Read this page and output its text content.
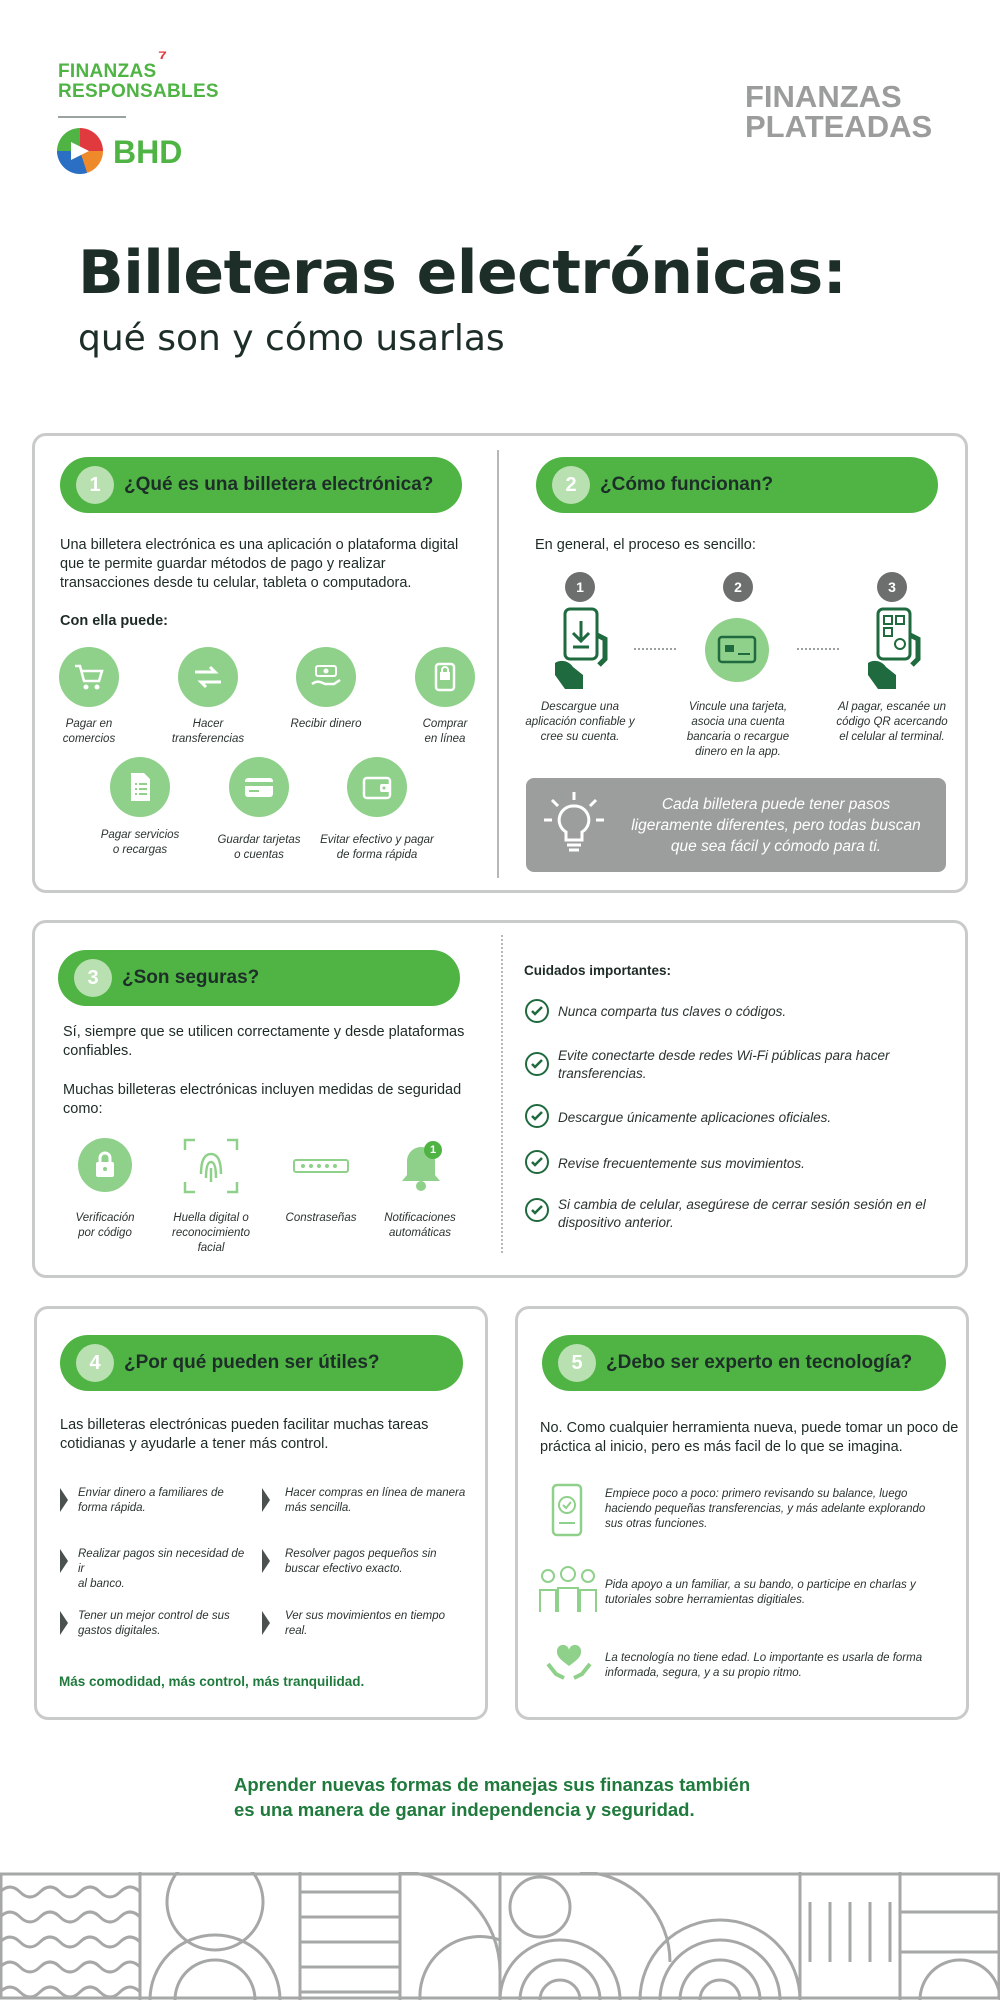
FINANZAS
RESPONSABLES
⁷
BHD
FINANZAS
PLATEADAS
Billeteras electrónicas:
qué son y cómo usarlas
1	¿Qué es una billetera electrónica?
Una billetera electrónica es una aplicación o plataforma digital que te permite guardar métodos de pago y realizar transacciones desde tu celular, tableta o computadora.
Con ella puede:
Pagar en
comercios
Hacer
transferencias
Recibir dinero	Comprar
en línea
Pagar servicios
o recargas
Guardar tarjetas
o cuentas
Evitar efectivo y pagar
de forma rápida
2	¿Cómo funcionan?
En general, el proceso es sencillo:
1	2	3
Descargue una
aplicación confiable y
cree su cuenta.
Vincule una tarjeta,
asocia una cuenta
bancaria o recargue
dinero en la app.
Al pagar, escanée un
código QR acercando
el celular al terminal.
Cada billetera puede tener pasos
ligeramente diferentes, pero todas buscan
que sea fácil y cómodo para ti.
3	¿Son seguras?
Sí, siempre que se utilicen correctamente y desde plataformas confiables.
Muchas billeteras electrónicas incluyen medidas de seguridad como:
1
Verificación
por código
Huella digital o
reconocimiento
facial
Constraseñas	Notificaciones
automáticas
Cuidados importantes:
Nunca comparta tus claves o códigos.
Evite conectarte desde redes Wi-Fi públicas para hacer
transferencias.
Descargue únicamente aplicaciones oficiales.
Revise frecuentemente sus movimientos.
Si cambia de celular, asegúrese de cerrar sesión sesión en el
dispositivo anterior.
4	¿Por qué pueden ser útiles?
Las billeteras electrónicas pueden facilitar muchas tareas cotidianas y ayudarle a tener más control.
Enviar dinero a familiares de
forma rápida.
Hacer compras en línea de manera
más sencilla.
Realizar pagos sin necesidad de ir
al banco.
Resolver pagos pequeños sin
buscar efectivo exacto.
Tener un mejor control de sus
gastos digitales.
Ver sus movimientos en tiempo
real.
Más comodidad, más control, más tranquilidad.
5	¿Debo ser experto en tecnología?
No. Como cualquier herramienta nueva, puede tomar un poco de práctica al inicio, pero es más facil de lo que se imagina.
Empiece poco a poco: primero revisando su balance, luego
haciendo pequeñas transferencias, y más adelante explorando
sus otras funciones.
Pida apoyo a un familiar, a su bando, o participe en charlas y
tutoriales sobre herramientas digitiales.
La tecnología no tiene edad. Lo importante es usarla de forma
informada, segura, y a su propio ritmo.
Aprender nuevas formas de manejas sus finanzas también
es una manera de ganar independencia y seguridad.
